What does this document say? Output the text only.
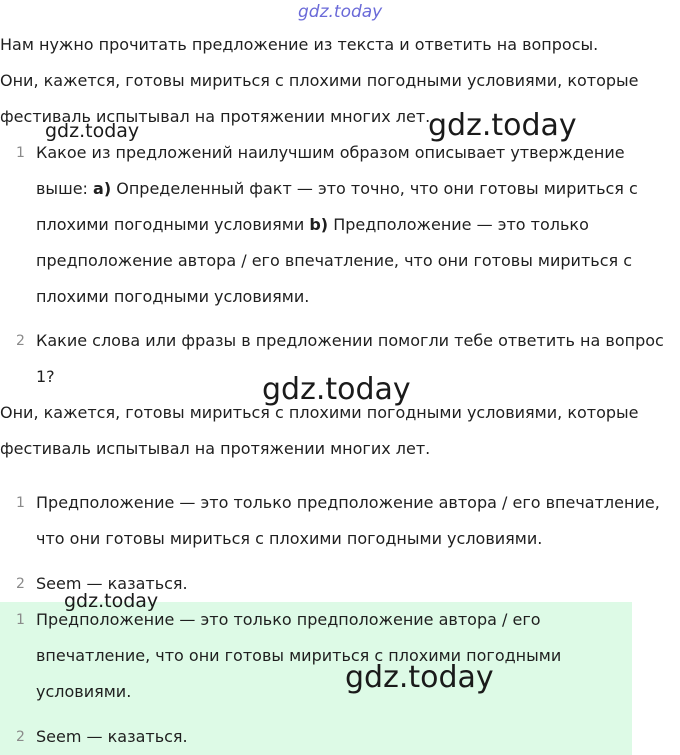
gdz.today

Нам нужно прочитать предложение из текста и ответить на вопросы.

Они, кажется, готовы мириться с плохими погодными условиями, которые

фестиваль испытывал на протяжении многих лет.

gdz.today	gdz.today
1 Какое из предложений наилучшим образом описывает утверждение
выше: a) Определенный факт — это точно, что они готовы мириться с
плохими погодными условиями b) Предположение — это только
предположение автора / его впечатление, что они готовы мириться с
плохими погодными условиями.
2 Какие слова или фразы в предложении помогли тебе ответить на вопрос
1?	gdz.today

Они, кажется, готовы мириться с плохими погодными условиями, которые

фестиваль испытывал на протяжении многих лет.

1 Предположение — это только предположение автора / его впечатление,
что они готовы мириться с плохими погодными условиями.
2 Seem — казаться.
gdz.today
1 Предположение — это только предположение автора / его
впечатление, что они готовы мириться с плохими погодными
условиями.	gdz.today
2 Seem — казаться.
